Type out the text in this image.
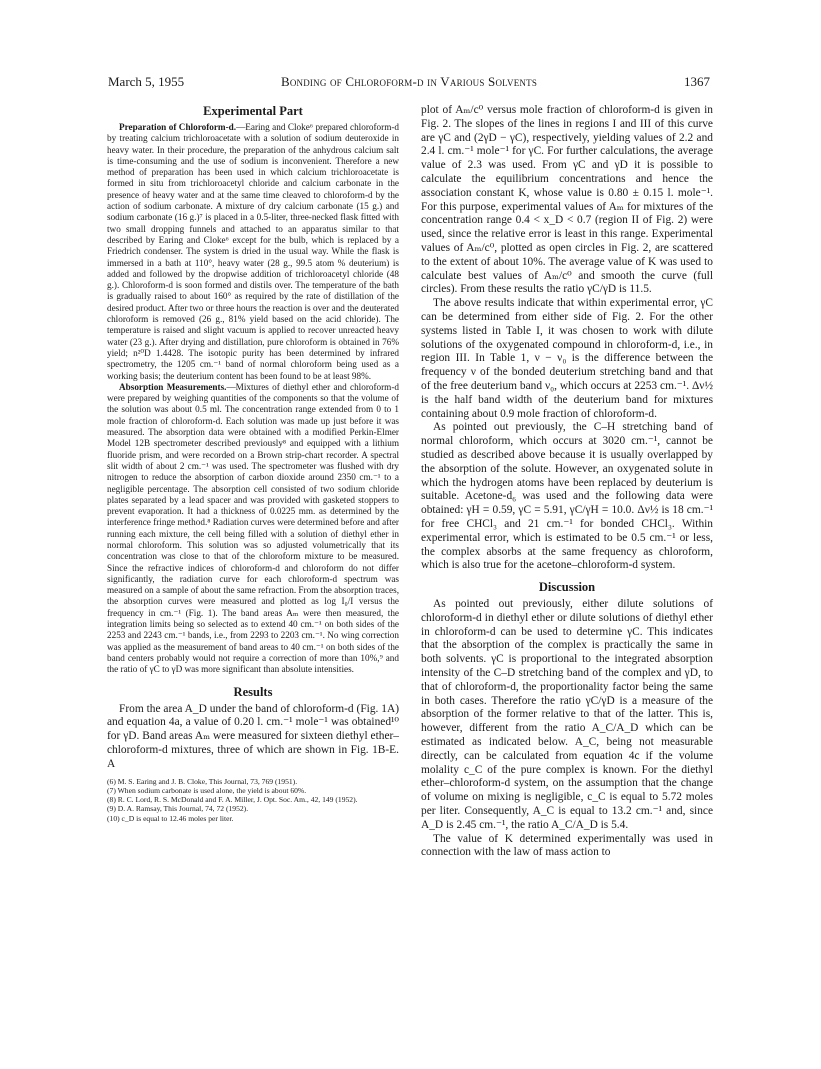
March 5, 1955	Bonding of Chloroform-d in Various Solvents	1367
Experimental Part

Preparation of Chloroform-d.—Earing and Cloke⁶ prepared chloroform-d by treating calcium trichloroacetate with a solution of sodium deuteroxide in heavy water. In their procedure, the preparation of the anhydrous calcium salt is time-consuming and the use of sodium is inconvenient. Therefore a new method of preparation has been used in which calcium trichloroacetate is formed in situ from trichloroacetyl chloride and calcium carbonate in the presence of heavy water and at the same time cleaved to chloroform-d by the action of sodium carbonate. A mixture of dry calcium carbonate (15 g.) and sodium carbonate (16 g.)⁷ is placed in a 0.5-liter, three-necked flask fitted with two small dropping funnels and attached to an apparatus similar to that described by Earing and Cloke⁶ except for the bulb, which is replaced by a Friedrich condenser. The system is dried in the usual way. While the flask is immersed in a bath at 110°, heavy water (28 g., 99.5 atom % deuterium) is added and followed by the dropwise addition of trichloroacetyl chloride (48 g.). Chloroform-d is soon formed and distils over. The temperature of the bath is gradually raised to about 160° as required by the rate of distillation of the desired product. After two or three hours the reaction is over and the deuterated chloroform is removed (26 g., 81% yield based on the acid chloride). The temperature is raised and slight vacuum is applied to recover unreacted heavy water (23 g.). After drying and distillation, pure chloroform is obtained in 76% yield; n²⁰D 1.4428. The isotopic purity has been determined by infrared spectrometry, the 1205 cm.⁻¹ band of normal chloroform being used as a working basis; the deuterium content has been found to be at least 98%.

Absorption Measurements.—Mixtures of diethyl ether and chloroform-d were prepared by weighing quantities of the components so that the volume of the solution was about 0.5 ml. The concentration range extended from 0 to 1 mole fraction of chloroform-d. Each solution was made up just before it was measured. The absorption data were obtained with a modified Perkin-Elmer Model 12B spectrometer described previously⁸ and equipped with a lithium fluoride prism, and were recorded on a Brown strip-chart recorder. A spectral slit width of about 2 cm.⁻¹ was used. The spectrometer was flushed with dry nitrogen to reduce the absorption of carbon dioxide around 2350 cm.⁻¹ to a negligible percentage. The absorption cell consisted of two sodium chloride plates separated by a lead spacer and was provided with gasketed stoppers to prevent evaporation. It had a thickness of 0.0225 mm. as determined by the interference fringe method.⁸ Radiation curves were determined before and after running each mixture, the cell being filled with a solution of diethyl ether in normal chloroform. This solution was so adjusted volumetrically that its concentration was close to that of the chloroform mixture to be measured. Since the refractive indices of chloroform-d and chloroform do not differ significantly, the radiation curve for each chloroform-d spectrum was measured on a sample of about the same refraction. From the absorption traces, the absorption curves were measured and plotted as log I₀/I versus the frequency in cm.⁻¹ (Fig. 1). The band areas Aₘ were then measured, the integration limits being so selected as to extend 40 cm.⁻¹ on both sides of the 2253 and 2243 cm.⁻¹ bands, i.e., from 2293 to 2203 cm.⁻¹. No wing correction was applied as the measurement of band areas to 40 cm.⁻¹ on both sides of the band centers probably would not require a correction of more than 10%,⁹ and the ratio of γC to γD was more significant than absolute intensities.

Results

From the area A_D under the band of chloroform-d (Fig. 1A) and equation 4a, a value of 0.20 l. cm.⁻¹ mole⁻¹ was obtained¹⁰ for γD. Band areas Aₘ were measured for sixteen diethyl ether–chloroform-d mixtures, three of which are shown in Fig. 1B-E. A

(6) M. S. Earing and J. B. Cloke, This Journal, 73, 769 (1951).
(7) When sodium carbonate is used alone, the yield is about 60%.
(8) R. C. Lord, R. S. McDonald and F. A. Miller, J. Opt. Soc. Am., 42, 149 (1952).
(9) D. A. Ramsay, This Journal, 74, 72 (1952).
(10) c_D is equal to 12.46 moles per liter.

plot of Aₘ/c⁰ versus mole fraction of chloroform-d is given in Fig. 2. The slopes of the lines in regions I and III of this curve are γC and (2γD − γC), respectively, yielding values of 2.2 and 2.4 l. cm.⁻¹ mole⁻¹ for γC. For further calculations, the average value of 2.3 was used. From γC and γD it is possible to calculate the equilibrium concentrations and hence the association constant K, whose value is 0.80 ± 0.15 l. mole⁻¹. For this purpose, experimental values of Aₘ for mixtures of the concentration range 0.4 < x_D < 0.7 (region II of Fig. 2) were used, since the relative error is least in this range. Experimental values of Aₘ/c⁰, plotted as open circles in Fig. 2, are scattered to the extent of about 10%. The average value of K was used to calculate best values of Aₘ/c⁰ and smooth the curve (full circles). From these results the ratio γC/γD is 11.5.

The above results indicate that within experimental error, γC can be determined from either side of Fig. 2. For the other systems listed in Table I, it was chosen to work with dilute solutions of the oxygenated compound in chloroform-d, i.e., in region III. In Table 1, ν − ν₀ is the difference between the frequency ν of the bonded deuterium stretching band and that of the free deuterium band ν₀, which occurs at 2253 cm.⁻¹. Δν½ is the half band width of the deuterium band for mixtures containing about 0.9 mole fraction of chloroform-d.

As pointed out previously, the C–H stretching band of normal chloroform, which occurs at 3020 cm.⁻¹, cannot be studied as described above because it is usually overlapped by the absorption of the solute. However, an oxygenated solute in which the hydrogen atoms have been replaced by deuterium is suitable. Acetone-d₆ was used and the following data were obtained: γH = 0.59, γC = 5.91, γC/γH = 10.0. Δν½ is 18 cm.⁻¹ for free CHCl₃ and 21 cm.⁻¹ for bonded CHCl₃. Within experimental error, which is estimated to be 0.5 cm.⁻¹ or less, the complex absorbs at the same frequency as chloroform, which is also true for the acetone–chloroform-d system.

Discussion

As pointed out previously, either dilute solutions of chloroform-d in diethyl ether or dilute solutions of diethyl ether in chloroform-d can be used to determine γC. This indicates that the absorption of the complex is practically the same in both solvents. γC is proportional to the integrated absorption intensity of the C–D stretching band of the complex and γD, to that of chloroform-d, the proportionality factor being the same in both cases. Therefore the ratio γC/γD is a measure of the absorption of the former relative to that of the latter. This is, however, different from the ratio A_C/A_D which can be estimated as indicated below. A_C, being not measurable directly, can be calculated from equation 4c if the volume molality c_C of the pure complex is known. For the diethyl ether–chloroform-d system, on the assumption that the change of volume on mixing is negligible, c_C is equal to 5.72 moles per liter. Consequently, A_C is equal to 13.2 cm.⁻¹ and, since A_D is 2.45 cm.⁻¹, the ratio A_C/A_D is 5.4.

The value of K determined experimentally was used in connection with the law of mass action to
